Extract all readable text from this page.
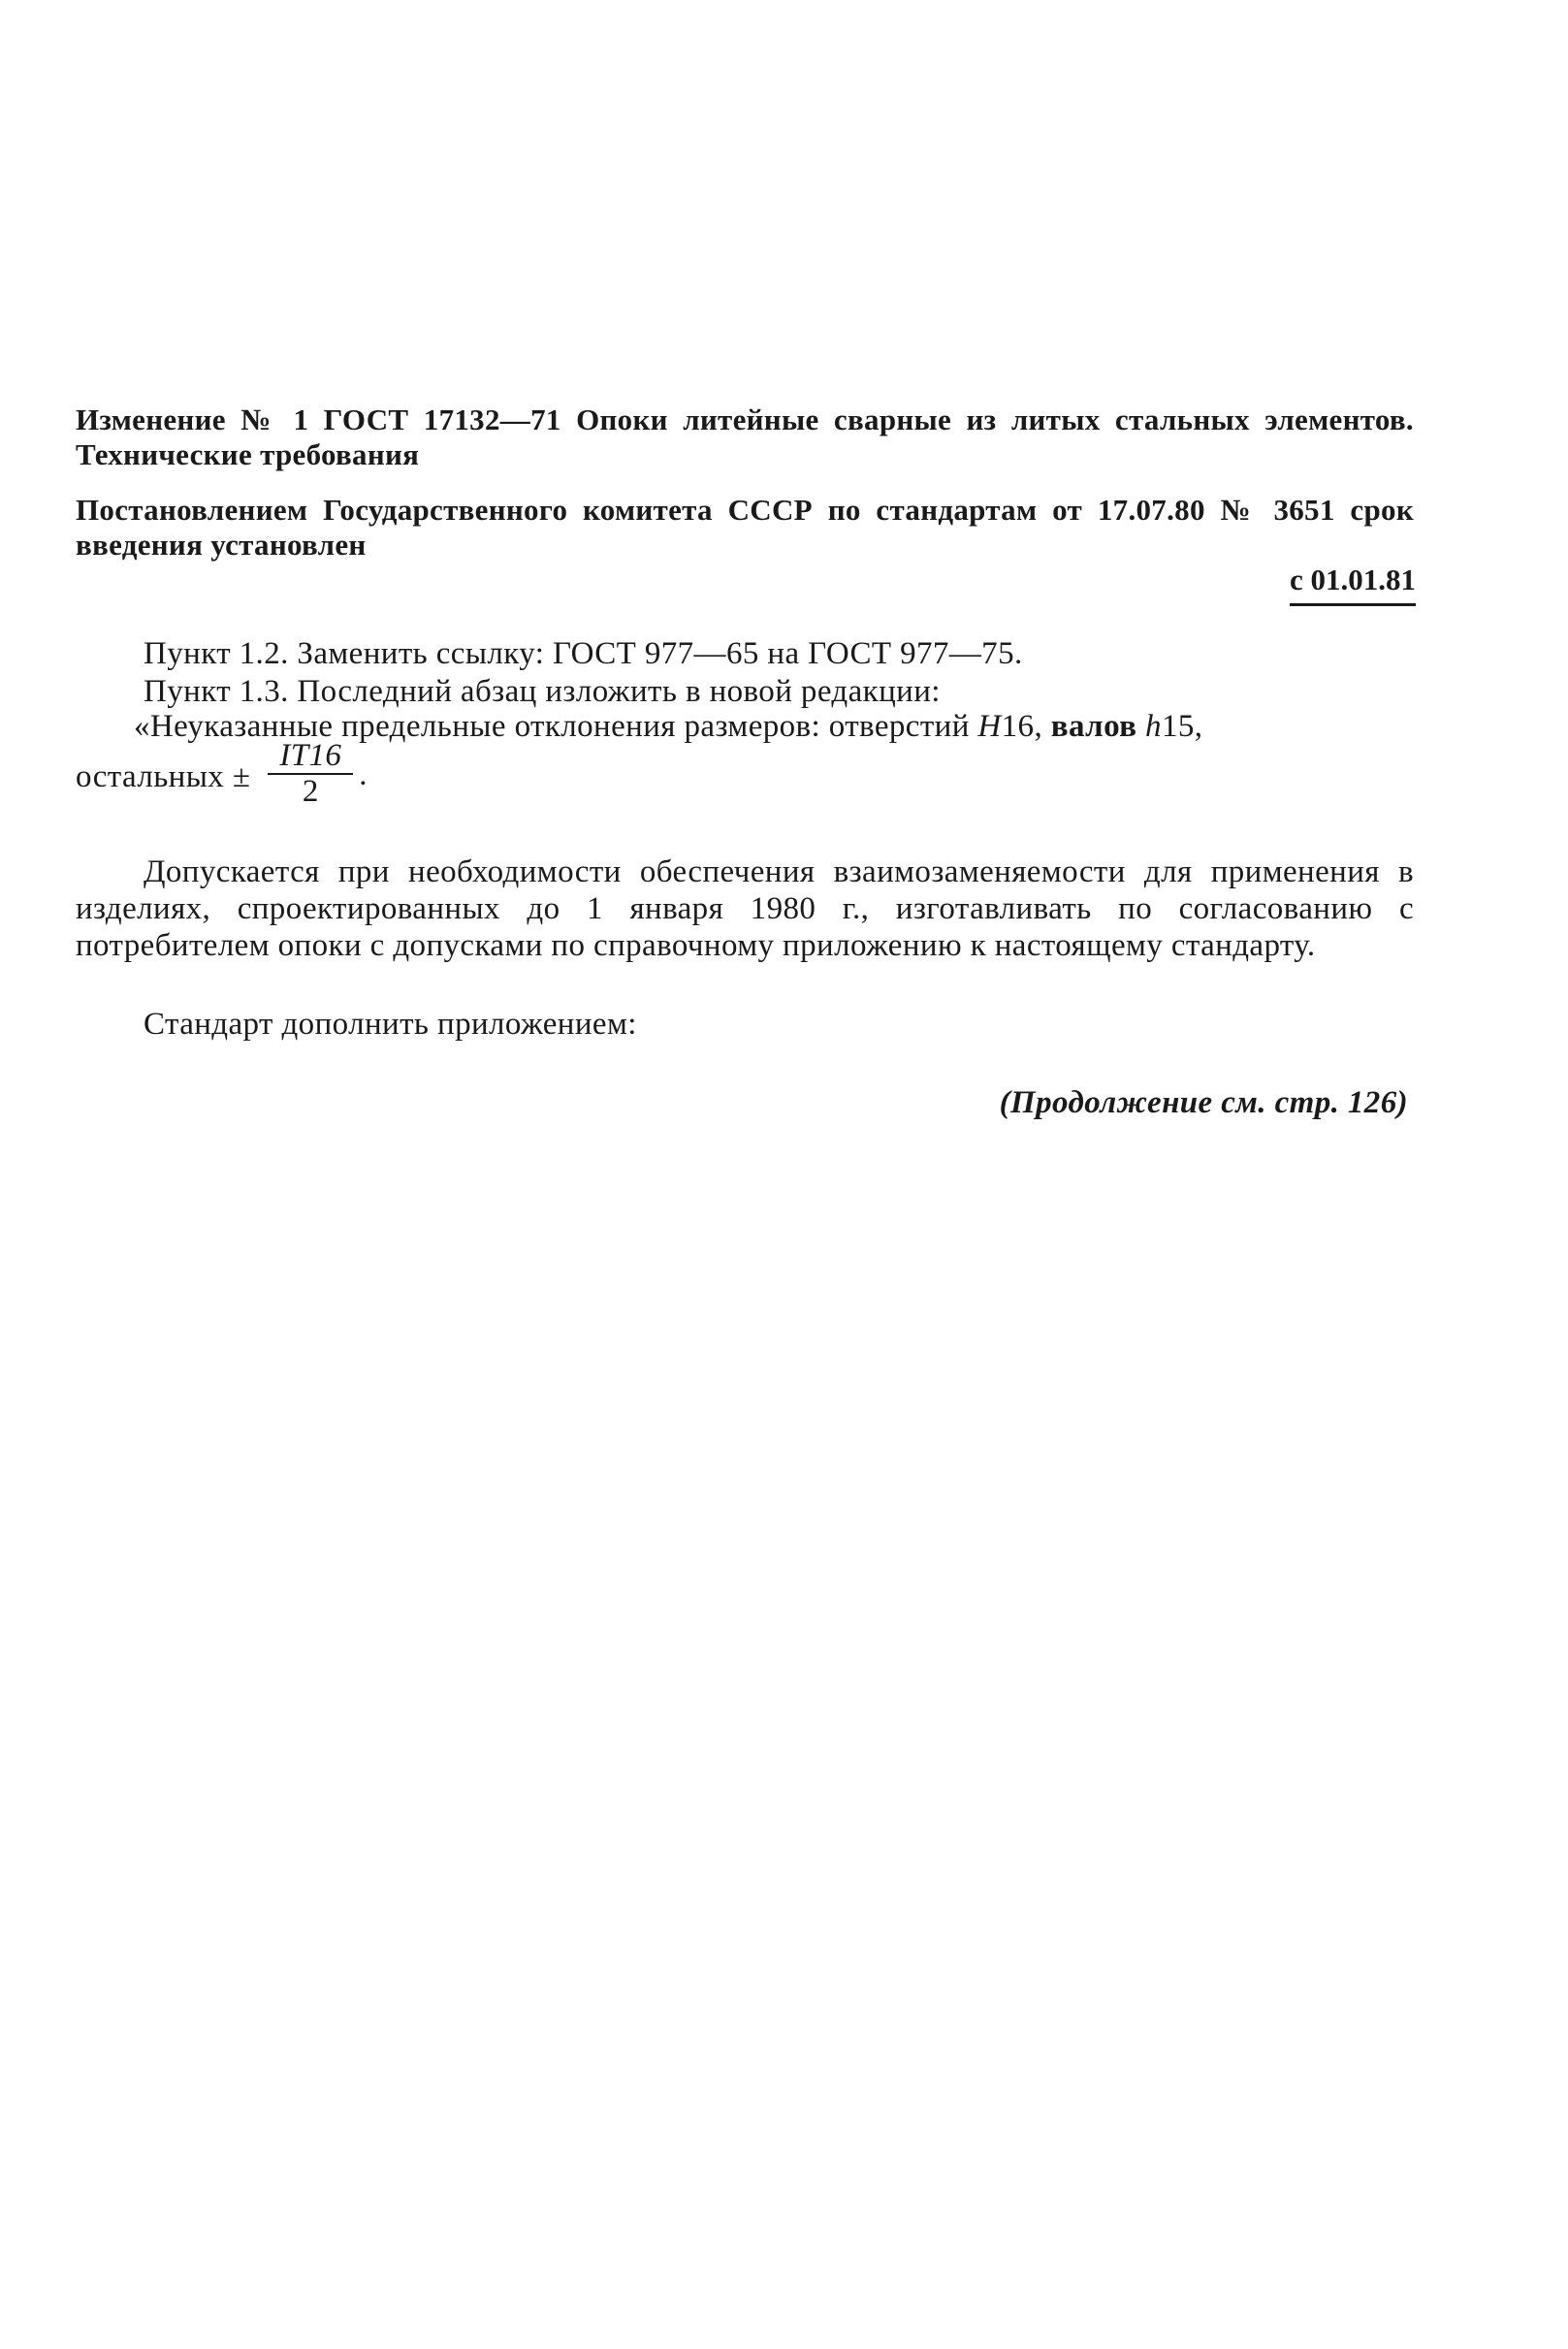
Изменение № 1 ГОСТ 17132—71 Опоки литейные сварные из литых стальных элементов. Технические требования
Постановлением Государственного комитета СССР по стандартам от 17.07.80 № 3651 срок введения установлен
с 01.01.81
Пункт 1.2. Заменить ссылку: ГОСТ 977—65 на ГОСТ 977—75.
Пункт 1.3. Последний абзац изложить в новой редакции:
«Неуказанные предельные отклонения размеров: отверстий H16, валов h15,
остальных ± $\frac{IT16}{2}$ .
Допускается при необходимости обеспечения взаимозаменяемости для применения в изделиях, спроектированных до 1 января 1980 г., изготавливать по согласованию с потребителем опоки с допусками по справочному приложению к настоящему стандарту.
Стандарт дополнить приложением:
(Продолжение см. стр. 126)
